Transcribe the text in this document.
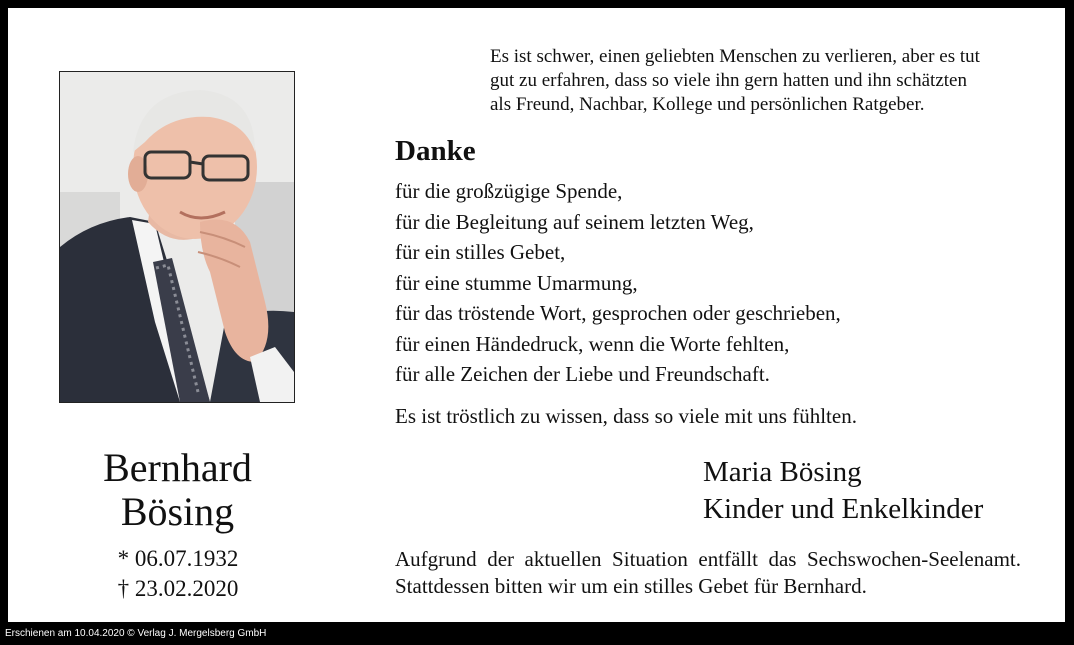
Bernhard
Bösing
* 06.07.1932
† 23.02.2020
Es ist schwer, einen geliebten Menschen zu verlieren, aber es tut
gut zu erfahren, dass so viele ihn gern hatten und ihn schätzten
als Freund, Nachbar, Kollege und persönlichen Ratgeber.
Danke
für die großzügige Spende,
für die Begleitung auf seinem letzten Weg,
für ein stilles Gebet,
für eine stumme Umarmung,
für das tröstende Wort, gesprochen oder geschrieben,
für einen Händedruck, wenn die Worte fehlten,
für alle Zeichen der Liebe und Freundschaft.
Es ist tröstlich zu wissen, dass so viele mit uns fühlten.
Maria Bösing
Kinder und Enkelkinder
Aufgrund der aktuellen Situation entfällt das Sechswochen-Seelenamt. Stattdessen bitten wir um ein stilles Gebet für Bernhard.
Erschienen am 10.04.2020 © Verlag J. Mergelsberg GmbH
